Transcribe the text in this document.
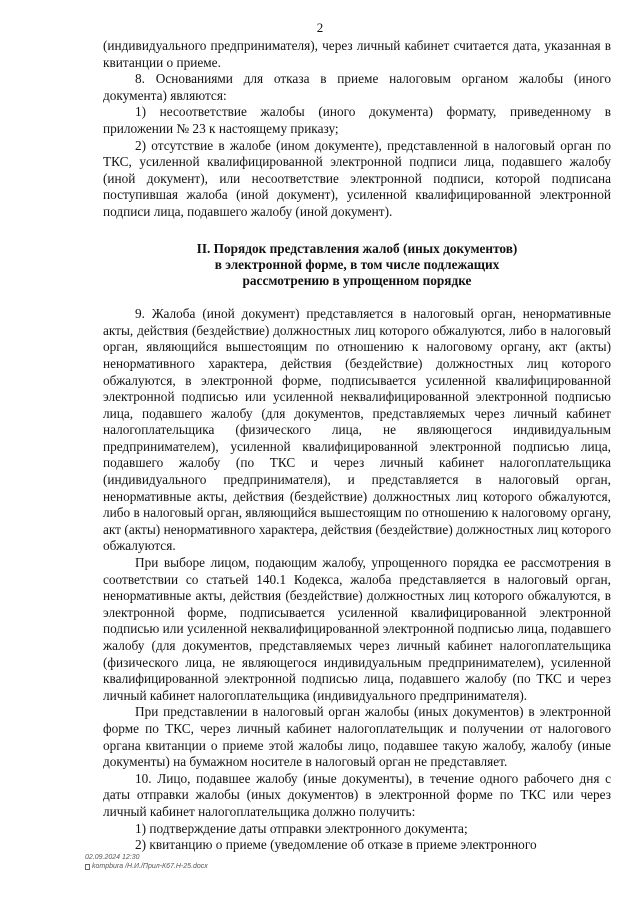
2

(индивидуального предпринимателя), через личный кабинет считается дата, указанная в квитанции о приеме.

8. Основаниями для отказа в приеме налоговым органом жалобы (иного документа) являются:

1) несоответствие жалобы (иного документа) формату, приведенному в приложении № 23 к настоящему приказу;

2) отсутствие в жалобе (ином документе), представленной в налоговый орган по ТКС, усиленной квалифицированной электронной подписи лица, подавшего жалобу (иной документ), или несоответствие электронной подписи, которой подписана поступившая жалоба (иной документ), усиленной квалифицированной электронной подписи лица, подавшего жалобу (иной документ).

II. Порядок представления жалоб (иных документов)
в электронной форме, в том числе подлежащих
рассмотрению в упрощенном порядке

9. Жалоба (иной документ) представляется в налоговый орган, ненормативные акты, действия (бездействие) должностных лиц которого обжалуются, либо в налоговый орган, являющийся вышестоящим по отношению к налоговому органу, акт (акты) ненормативного характера, действия (бездействие) должностных лиц которого обжалуются, в электронной форме, подписывается усиленной квалифицированной электронной подписью или усиленной неквалифицированной электронной подписью лица, подавшего жалобу (для документов, представляемых через личный кабинет налогоплательщика (физического лица, не являющегося индивидуальным предпринимателем), усиленной квалифицированной электронной подписью лица, подавшего жалобу (по ТКС и через личный кабинет налогоплательщика (индивидуального предпринимателя), и представляется в налоговый орган, ненормативные акты, действия (бездействие) должностных лиц которого обжалуются, либо в налоговый орган, являющийся вышестоящим по отношению к налоговому органу, акт (акты) ненормативного характера, действия (бездействие) должностных лиц которого обжалуются.

При выборе лицом, подающим жалобу, упрощенного порядка ее рассмотрения в соответствии со статьей 140.1 Кодекса, жалоба представляется в налоговый орган, ненормативные акты, действия (бездействие) должностных лиц которого обжалуются, в электронной форме, подписывается усиленной квалифицированной электронной подписью или усиленной неквалифицированной электронной подписью лица, подавшего жалобу (для документов, представляемых через личный кабинет налогоплательщика (физического лица, не являющегося индивидуальным предпринимателем), усиленной квалифицированной электронной подписью лица, подавшего жалобу (по ТКС и через личный кабинет налогоплательщика (индивидуального предпринимателя).

При представлении в налоговый орган жалобы (иных документов) в электронной форме по ТКС, через личный кабинет налогоплательщик и получении от налогового органа квитанции о приеме этой жалобы лицо, подавшее такую жалобу, жалобу (иные документы) на бумажном носителе в налоговый орган не представляет.

10. Лицо, подавшее жалобу (иные документы), в течение одного рабочего дня с даты отправки жалобы (иных документов) в электронной форме по ТКС или через личный кабинет налогоплательщика должно получить:

1) подтверждение даты отправки электронного документа;

2) квитанцию о приеме (уведомление об отказе в приеме электронного

02.09.2024 12:30
kompbura /Н.И./Прил-К67.Н-25.docx
